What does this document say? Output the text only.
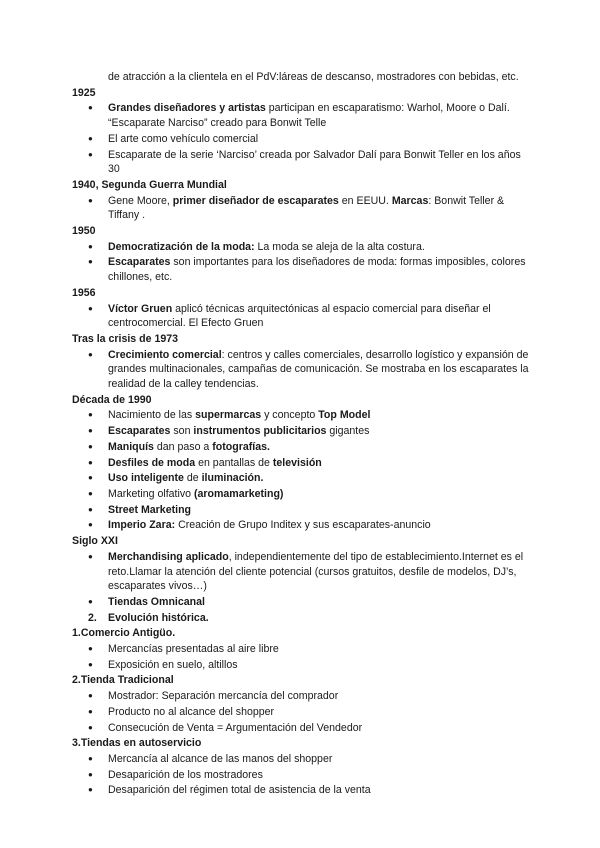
de atracción a la clientela en el PdV:láreas de descanso, mostradores con bebidas, etc.
1925
● Grandes diseñadores y artistas participan en escaparatismo: Warhol, Moore o Dalí. “Escaparate Narciso” creado para Bonwit Telle
● El arte como vehículo comercial
● Escaparate de la serie ‘Narciso’ creada por Salvador Dalí para Bonwit Teller en los años 30
1940, Segunda Guerra Mundial
● Gene Moore, primer diseñador de escaparates en EEUU. Marcas: Bonwit Teller & Tiffany .
1950
● Democratización de la moda: La moda se aleja de la alta costura.
● Escaparates son importantes para los diseñadores de moda: formas imposibles, colores chillones, etc.
1956
● Víctor Gruen aplicó técnicas arquitectónicas al espacio comercial para diseñar el centrocomercial. El Efecto Gruen
Tras la crisis de 1973
● Crecimiento comercial: centros y calles comerciales, desarrollo logístico y expansión de grandes multinacionales, campañas de comunicación. Se mostraba en los escaparates la realidad de la calley tendencias.
Década de 1990
● Nacimiento de las supermarcas y concepto Top Model
● Escaparates son instrumentos publicitarios gigantes
● Maniquís dan paso a fotografías.
● Desfiles de moda en pantallas de televisión
● Uso inteligente de iluminación.
● Marketing olfativo (aromamarketing)
● Street Marketing
● Imperio Zara: Creación de Grupo Inditex y sus escaparates-anuncio
Siglo XXI
● Merchandising aplicado, independientemente del tipo de establecimiento.Internet es el reto.Llamar la atención del cliente potencial (cursos gratuitos, desfile de modelos, DJ’s, escaparates vivos…)
● Tiendas Omnicanal
2. Evolución histórica.
1.Comercio Antigüo.
● Mercancías presentadas al aire libre
● Exposición en suelo, altillos
2.Tienda Tradicional
● Mostrador: Separación mercancía del comprador
● Producto no al alcance del shopper
● Consecución de Venta = Argumentación del Vendedor
3.Tiendas en autoservicio
● Mercancía al alcance de las manos del shopper
● Desaparición de los mostradores
● Desaparición del régimen total de asistencia de la venta
